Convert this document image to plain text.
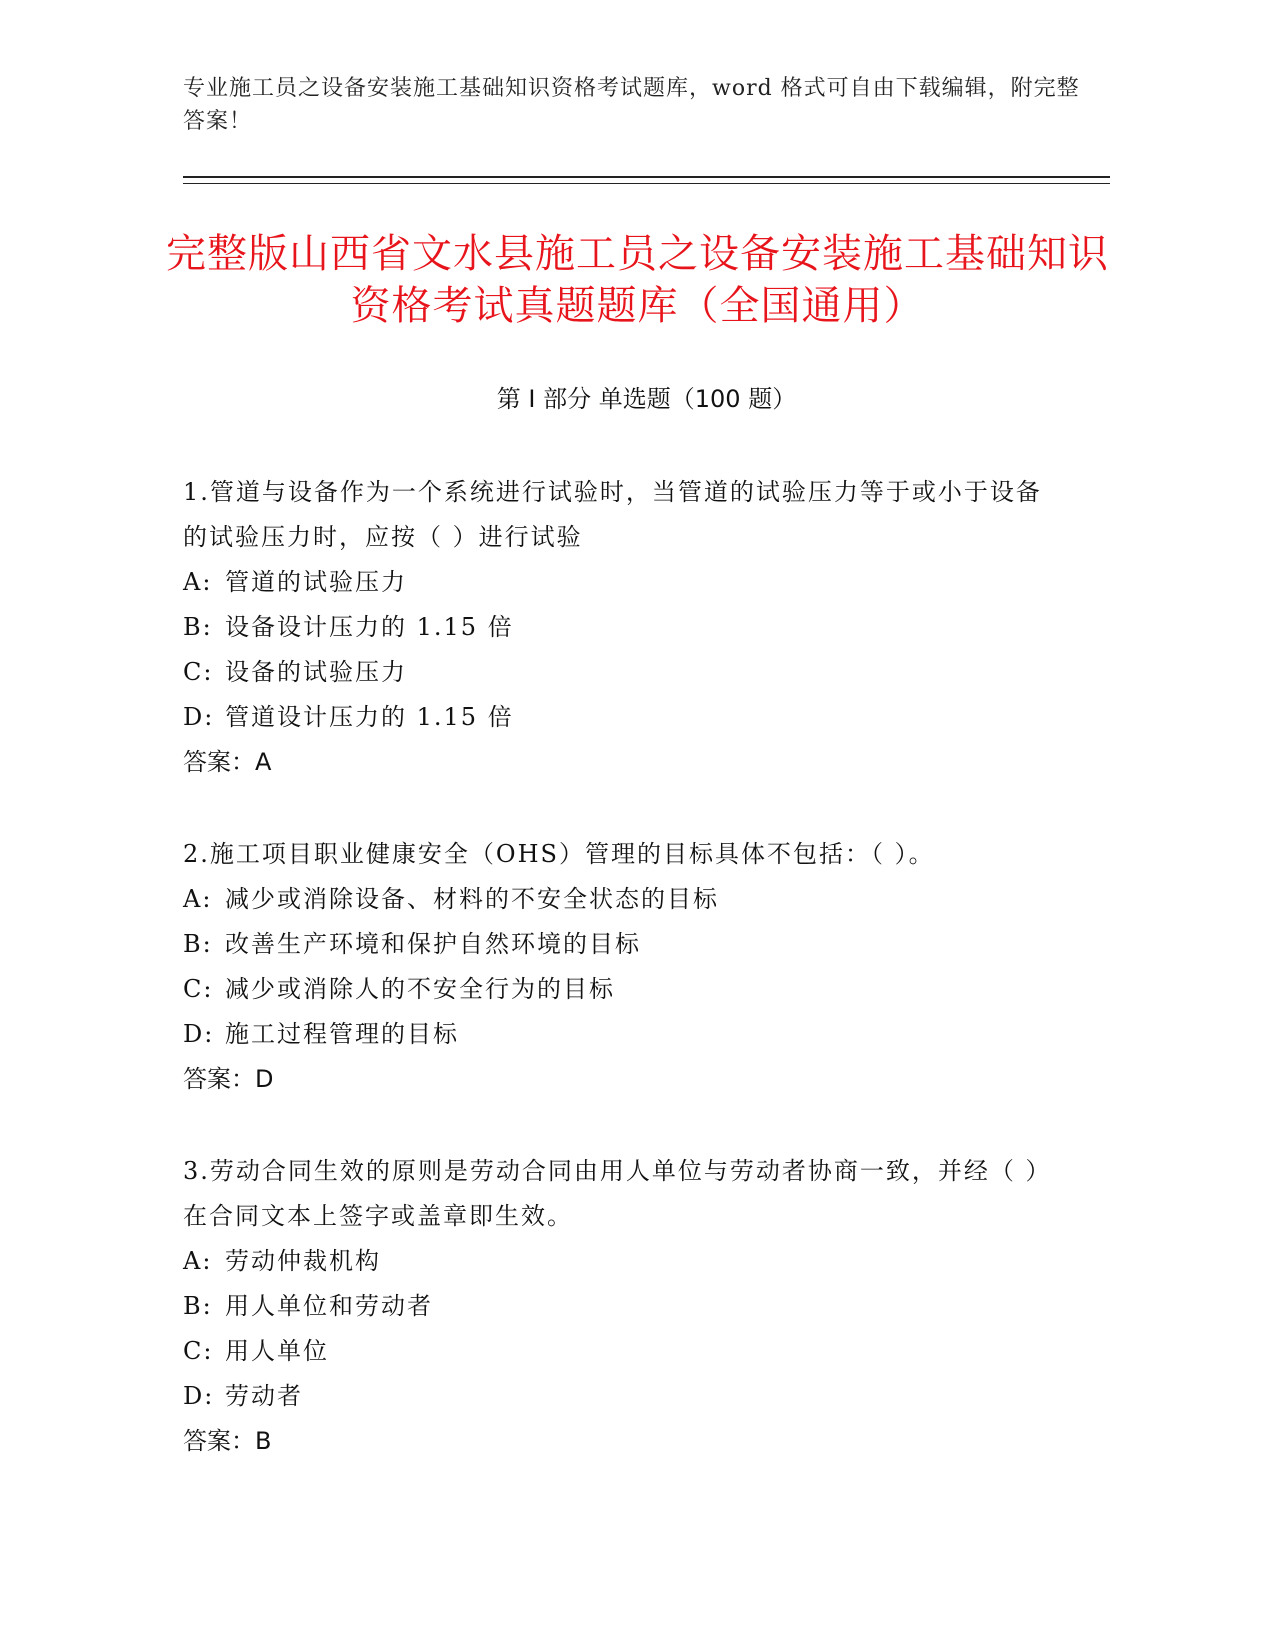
专业施工员之设备安装施工基础知识资格考试题库，word 格式可自由下载编辑，附完整答案！
完整版山西省文水县施工员之设备安装施工基础知识资格考试真题题库（全国通用）
第 I 部分 单选题（100 题）
1.管道与设备作为一个系统进行试验时，当管道的试验压力等于或小于设备的试验压力时，应按（ ）进行试验
A: 管道的试验压力
B: 设备设计压力的 1.15 倍
C: 设备的试验压力
D: 管道设计压力的 1.15 倍
答案：A
2.施工项目职业健康安全（OHS）管理的目标具体不包括：（ ）。
A: 减少或消除设备、材料的不安全状态的目标
B: 改善生产环境和保护自然环境的目标
C: 减少或消除人的不安全行为的目标
D: 施工过程管理的目标
答案：D
3.劳动合同生效的原则是劳动合同由用人单位与劳动者协商一致，并经（ ）在合同文本上签字或盖章即生效。
A: 劳动仲裁机构
B: 用人单位和劳动者
C: 用人单位
D: 劳动者
答案：B
